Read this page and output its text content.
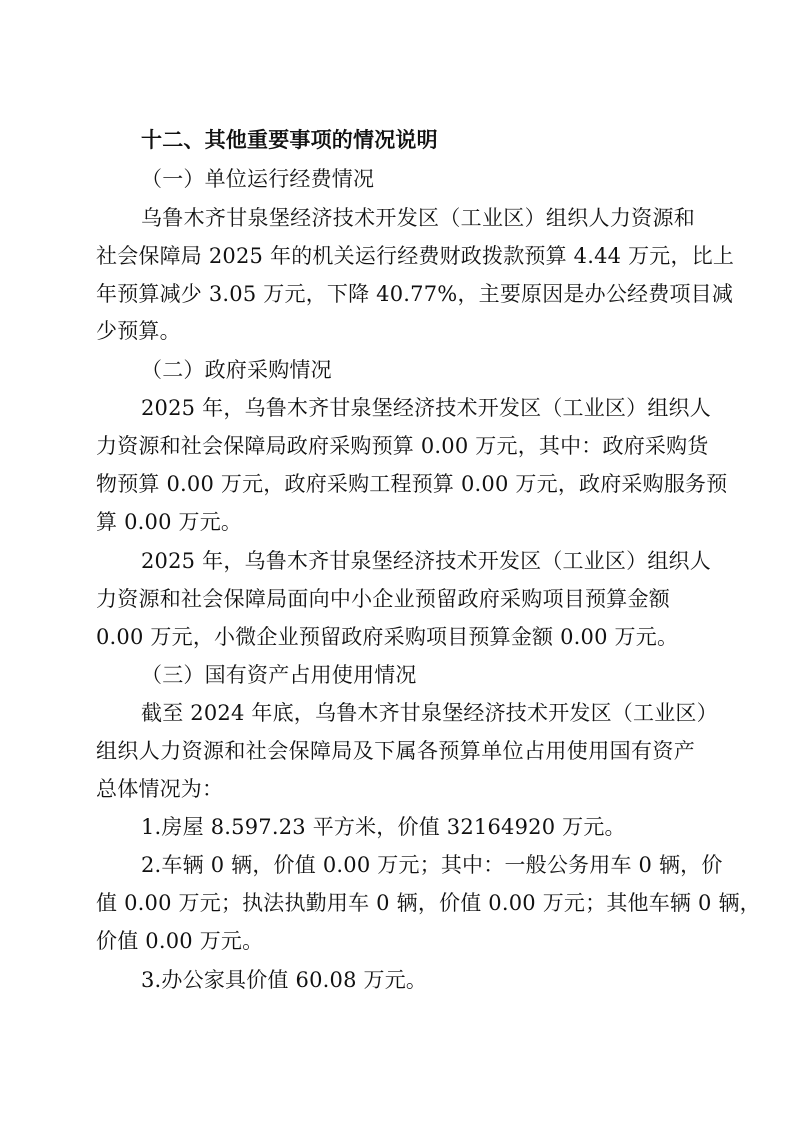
十二、其他重要事项的情况说明
（一）单位运行经费情况
乌鲁木齐甘泉堡经济技术开发区（工业区）组织人力资源和
社会保障局 2025 年的机关运行经费财政拨款预算 4.44 万元，比上
年预算减少 3.05 万元，下降 40.77%，主要原因是办公经费项目减
少预算。
（二）政府采购情况
2025 年，乌鲁木齐甘泉堡经济技术开发区（工业区）组织人
力资源和社会保障局政府采购预算 0.00 万元，其中：政府采购货
物预算 0.00 万元，政府采购工程预算 0.00 万元，政府采购服务预
算 0.00 万元。
2025 年，乌鲁木齐甘泉堡经济技术开发区（工业区）组织人
力资源和社会保障局面向中小企业预留政府采购项目预算金额
0.00 万元，小微企业预留政府采购项目预算金额 0.00 万元。
（三）国有资产占用使用情况
截至 2024 年底，乌鲁木齐甘泉堡经济技术开发区（工业区）
组织人力资源和社会保障局及下属各预算单位占用使用国有资产
总体情况为：
1.房屋 8.597.23 平方米，价值 32164920 万元。
2.车辆 0 辆，价值 0.00 万元；其中：一般公务用车 0 辆，价
值 0.00 万元；执法执勤用车 0 辆，价值 0.00 万元；其他车辆 0 辆，
价值 0.00 万元。
3.办公家具价值 60.08 万元。
